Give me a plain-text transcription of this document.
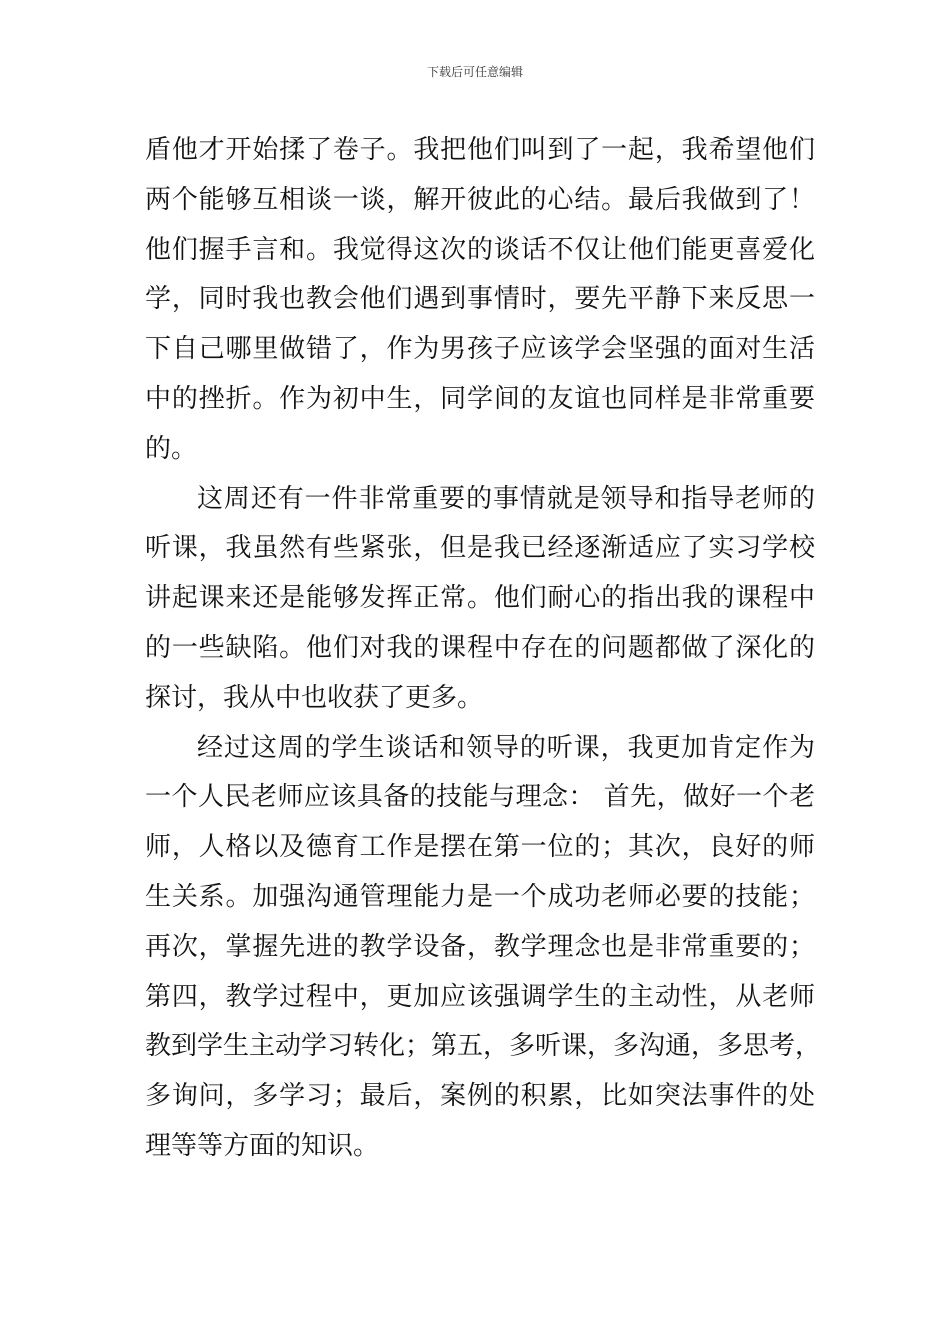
下载后可任意编辑
盾他才开始揉了卷子。我把他们叫到了一起，我希望他们
两个能够互相谈一谈，解开彼此的心结。最后我做到了！
他们握手言和。我觉得这次的谈话不仅让他们能更喜爱化
学，同时我也教会他们遇到事情时，要先平静下来反思一
下自己哪里做错了，作为男孩子应该学会坚强的面对生活
中的挫折。作为初中生，同学间的友谊也同样是非常重要
的。
这周还有一件非常重要的事情就是领导和指导老师的
听课，我虽然有些紧张，但是我已经逐渐适应了实习学校
讲起课来还是能够发挥正常。他们耐心的指出我的课程中
的一些缺陷。他们对我的课程中存在的问题都做了深化的
探讨，我从中也收获了更多。
经过这周的学生谈话和领导的听课，我更加肯定作为
一个人民老师应该具备的技能与理念： 首先，做好一个老
师，人格以及德育工作是摆在第一位的；其次，良好的师
生关系。加强沟通管理能力是一个成功老师必要的技能；
再次，掌握先进的教学设备，教学理念也是非常重要的；
第四，教学过程中，更加应该强调学生的主动性，从老师
教到学生主动学习转化；第五，多听课，多沟通，多思考，
多询问，多学习；最后，案例的积累，比如突法事件的处
理等等方面的知识。
